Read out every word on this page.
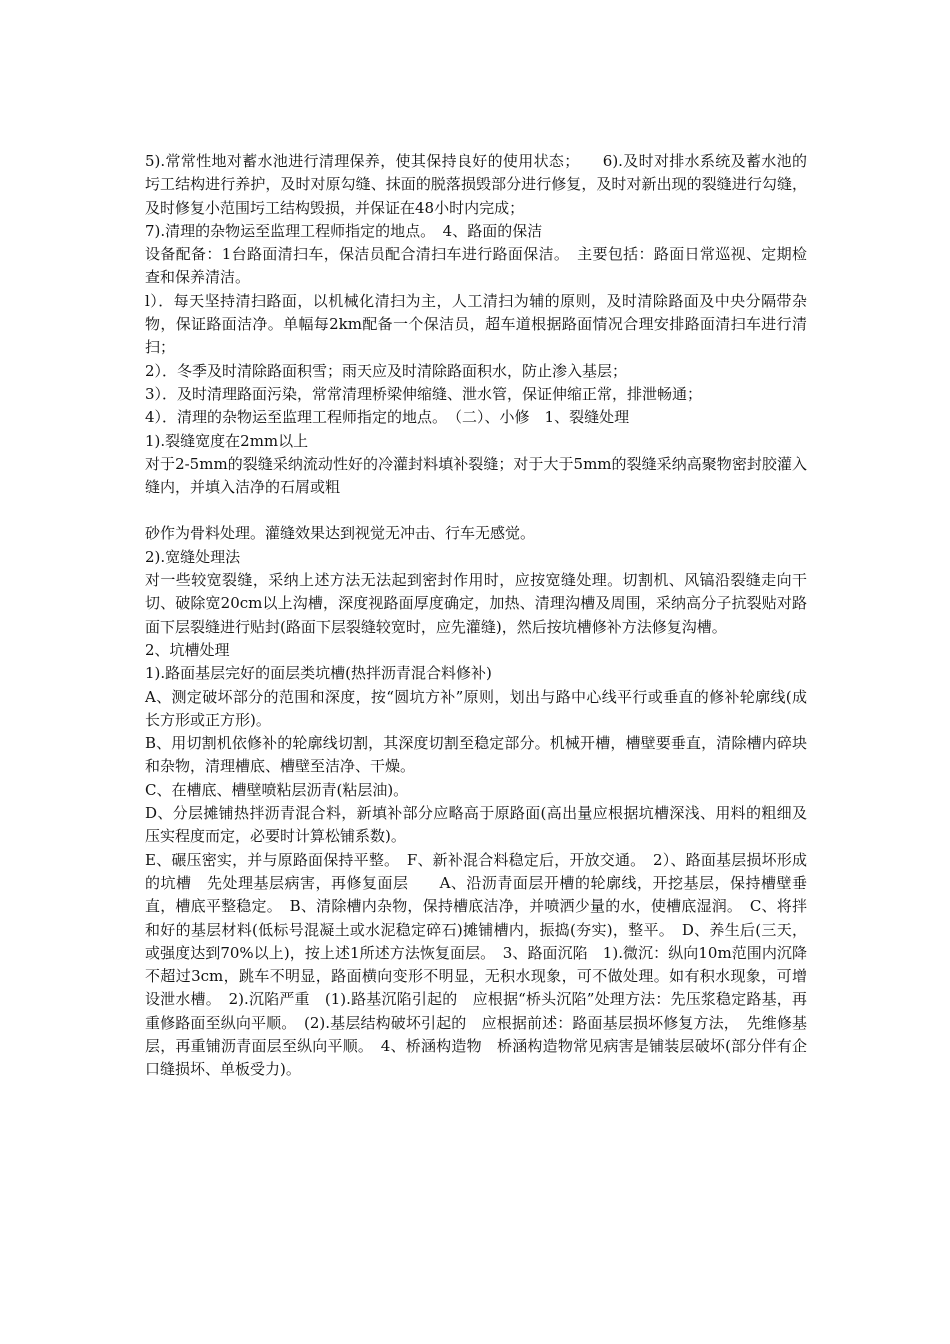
5).常常性地对蓄水池进行清理保养，使其保持良好的使用状态；　　6).及时对排水系统及蓄水池的圬工结构进行养护，及时对原勾缝、抹面的脱落损毁部分进行修复，及时对新出现的裂缝进行勾缝，及时修复小范围圬工结构毁损，并保证在48小时内完成；

7).清理的杂物运至监理工程师指定的地点。　4、路面的保洁

设备配备：1台路面清扫车，保洁员配合清扫车进行路面保洁。　主要包括：路面日常巡视、定期检查和保养清洁。

l）．每天坚持清扫路面，以机械化清扫为主，人工清扫为辅的原则，及时清除路面及中央分隔带杂物，保证路面洁净。单幅每2km配备一个保洁员，超车道根据路面情况合理安排路面清扫车进行清扫；

2）．冬季及时清除路面积雪；雨天应及时清除路面积水，防止渗入基层；

3）．及时清理路面污染，常常清理桥梁伸缩缝、泄水管，保证伸缩正常，排泄畅通；

4）．清理的杂物运至监理工程师指定的地点。　（二）、小修　1、裂缝处理

1).裂缝宽度在2mm以上

对于2-5mm的裂缝采纳流动性好的冷灌封料填补裂缝；对于大于5mm的裂缝采纳高聚物密封胶灌入缝内，并填入洁净的石屑或粗

砂作为骨料处理。灌缝效果达到视觉无冲击、行车无感觉。

2).宽缝处理法

对一些较宽裂缝，采纳上述方法无法起到密封作用时，应按宽缝处理。切割机、风镐沿裂缝走向干切、破除宽20cm以上沟槽，深度视路面厚度确定，加热、清理沟槽及周围，采纳高分子抗裂贴对路面下层裂缝进行贴封(路面下层裂缝较宽时，应先灌缝)，然后按坑槽修补方法修复沟槽。

2、坑槽处理

1).路面基层完好的面层类坑槽(热拌沥青混合料修补)

A、测定破坏部分的范围和深度，按“圆坑方补”原则，划出与路中心线平行或垂直的修补轮廓线(成长方形或正方形)。

B、用切割机依修补的轮廓线切割，其深度切割至稳定部分。机械开槽，槽壁要垂直，清除槽内碎块和杂物，清理槽底、槽壁至洁净、干燥。

C、在槽底、槽壁喷粘层沥青(粘层油)。

D、分层摊铺热拌沥青混合料，新填补部分应略高于原路面(高出量应根据坑槽深浅、用料的粗细及压实程度而定，必要时计算松铺系数)。

E、碾压密实，并与原路面保持平整。　F、新补混合料稳定后，开放交通。　2）、路面基层损坏形成的坑槽　先处理基层病害，再修复面层　　A、沿沥青面层开槽的轮廓线，开挖基层，保持槽壁垂直，槽底平整稳定。　B、清除槽内杂物，保持槽底洁净，并喷洒少量的水，使槽底湿润。　C、将拌和好的基层材料(低标号混凝土或水泥稳定碎石)摊铺槽内，振捣(夯实)，整平。　D、养生后(三天，或强度达到70%以上)，按上述1所述方法恢复面层。　3、路面沉陷　1).微沉：纵向10m范围内沉降不超过3cm，跳车不明显，路面横向变形不明显，无积水现象，可不做处理。如有积水现象，可增设泄水槽。　2).沉陷严重　(1).路基沉陷引起的　应根据“桥头沉陷”处理方法：先压浆稳定路基，再重修路面至纵向平顺。　(2).基层结构破坏引起的　应根据前述：路面基层损坏修复方法，　先维修基层，再重铺沥青面层至纵向平顺。　4、桥涵构造物　桥涵构造物常见病害是铺装层破坏(部分伴有企口缝损坏、单板受力)。
